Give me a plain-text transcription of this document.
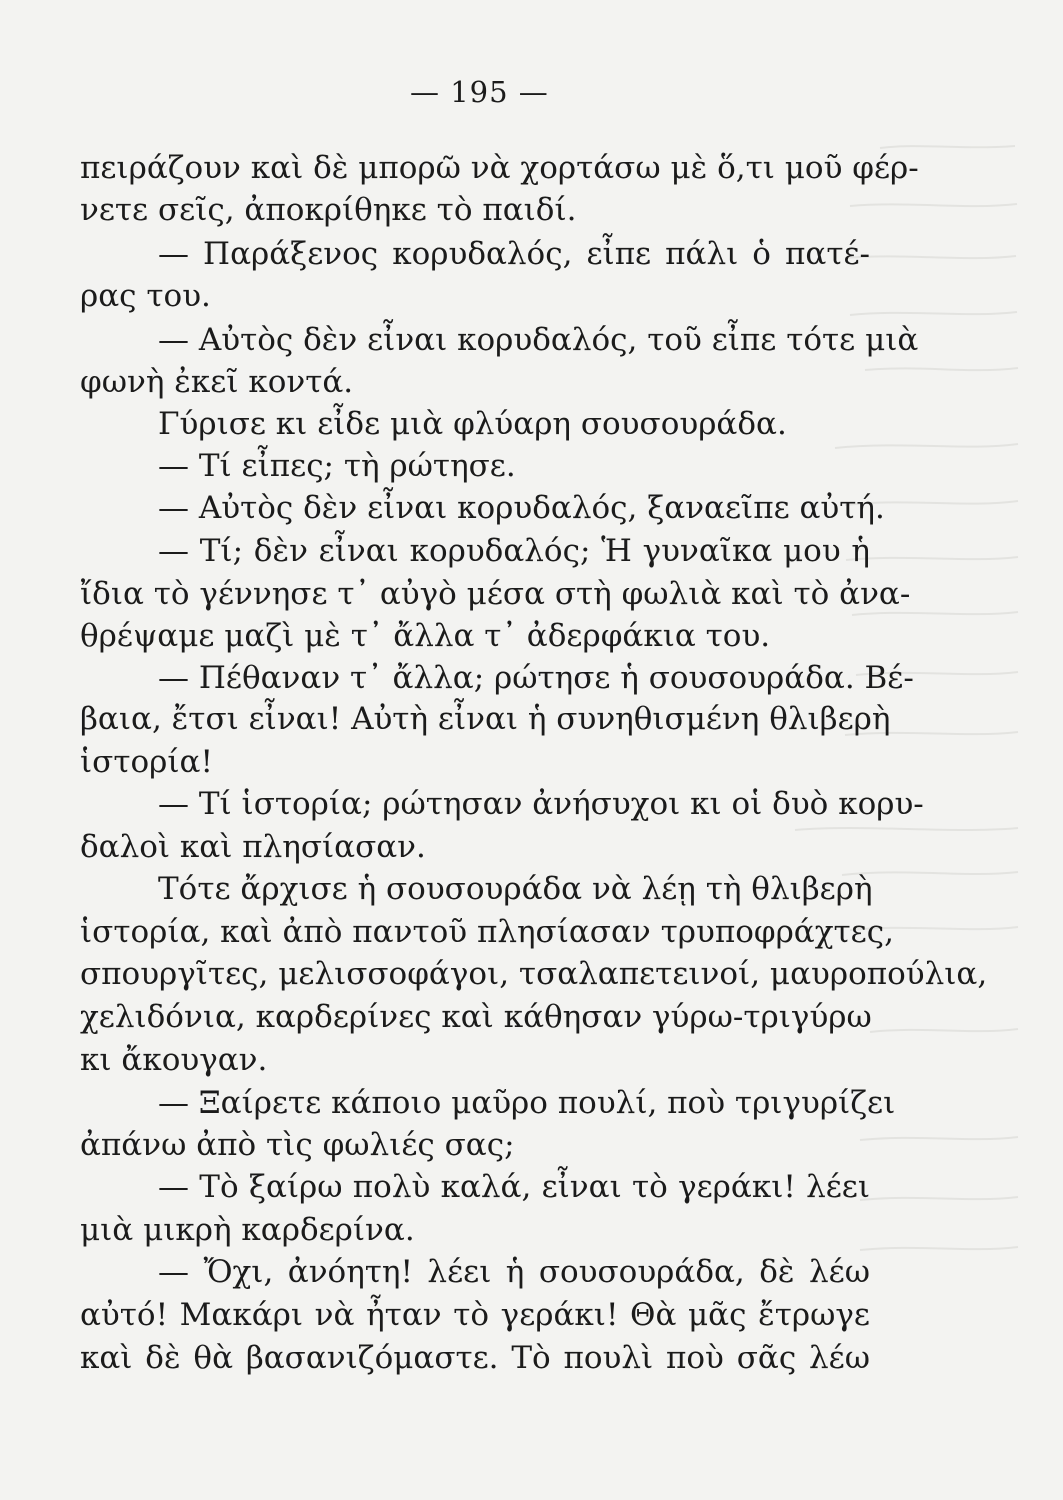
— 195 —
πειράζουν καὶ δὲ μπορῶ νὰ χορτάσω μὲ ὅ,τι μοῦ φέρ-
νετε σεῖς, ἀποκρίθηκε τὸ παιδί.
— Παράξενος κορυδαλός, εἶπε πάλι ὁ πατέ-
ρας του.
— Αὐτὸς δὲν εἶναι κορυδαλός, τοῦ εἶπε τότε μιὰ
φωνὴ ἐκεῖ κοντά.
Γύρισε κι εἶδε μιὰ φλύαρη σουσουράδα.
— Τί εἶπες; τὴ ρώτησε.
— Αὐτὸς δὲν εἶναι κορυδαλός, ξαναεῖπε αὐτή.
— Τί; δὲν εἶναι κορυδαλός; Ἡ γυναῖκα μου ἡ
ἴδια τὸ γέννησε τ᾽ αὐγὸ μέσα στὴ φωλιὰ καὶ τὸ ἀνα-
θρέψαμε μαζὶ μὲ τ᾽ ἄλλα τ᾽ ἀδερφάκια του.
— Πέθαναν τ᾽ ἄλλα; ρώτησε ἡ σουσουράδα. Βέ-
βαια, ἔτσι εἶναι! Αὐτὴ εἶναι ἡ συνηθισμένη θλιβερὴ
ἱστορία!
— Τί ἱστορία; ρώτησαν ἀνήσυχοι κι οἱ δυὸ κορυ-
δαλοὶ καὶ πλησίασαν.
Τότε ἄρχισε ἡ σουσουράδα νὰ λέῃ τὴ θλιβερὴ
ἱστορία, καὶ ἀπὸ παντοῦ πλησίασαν τρυποφράχτες,
σπουργῖτες, μελισσοφάγοι, τσαλαπετεινοί, μαυροπούλια,
χελιδόνια, καρδερίνες καὶ κάθησαν γύρω-τριγύρω
κι ἄκουγαν.
— Ξαίρετε κάποιο μαῦρο πουλί, ποὺ τριγυρίζει
ἀπάνω ἀπὸ τὶς φωλιές σας;
— Τὸ ξαίρω πολὺ καλά, εἶναι τὸ γεράκι! λέει
μιὰ μικρὴ καρδερίνα.
— Ὄχι, ἀνόητη! λέει ἡ σουσουράδα, δὲ λέω
αὐτό! Μακάρι νὰ ἦταν τὸ γεράκι! Θὰ μᾶς ἔτρωγε
καὶ δὲ θὰ βασανιζόμαστε. Τὸ πουλὶ ποὺ σᾶς λέω
